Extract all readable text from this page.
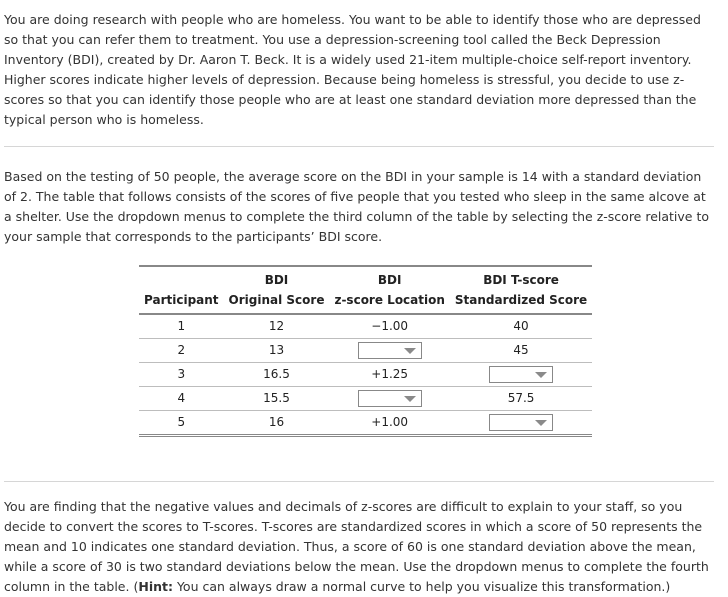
You are doing research with people who are homeless. You want to be able to identify those who are depressed so that you can refer them to treatment. You use a depression-screening tool called the Beck Depression Inventory (BDI), created by Dr. Aaron T. Beck. It is a widely used 21-item multiple-choice self-report inventory. Higher scores indicate higher levels of depression. Because being homeless is stressful, you decide to use z-scores so that you can identify those people who are at least one standard deviation more depressed than the typical person who is homeless.

Based on the testing of 50 people, the average score on the BDI in your sample is 14 with a standard deviation of 2. The table that follows consists of the scores of five people that you tested who sleep in the same alcove at a shelter. Use the dropdown menus to complete the third column of the table by selecting the z-score relative to your sample that corresponds to the participants’ BDI score.

	BDI	BDI	BDI T-score
Participant	Original Score	z-score Location	Standardized Score
1	12	−1.00	40
2	13		45
3	16.5	+1.25	

4	15.5		57.5
5	16	+1.00	

You are finding that the negative values and decimals of z-scores are difficult to explain to your staff, so you decide to convert the scores to T-scores. T-scores are standardized scores in which a score of 50 represents the mean and 10 indicates one standard deviation. Thus, a score of 60 is one standard deviation above the mean, while a score of 30 is two standard deviations below the mean. Use the dropdown menus to complete the fourth column in the table. (Hint: You can always draw a normal curve to help you visualize this transformation.)
